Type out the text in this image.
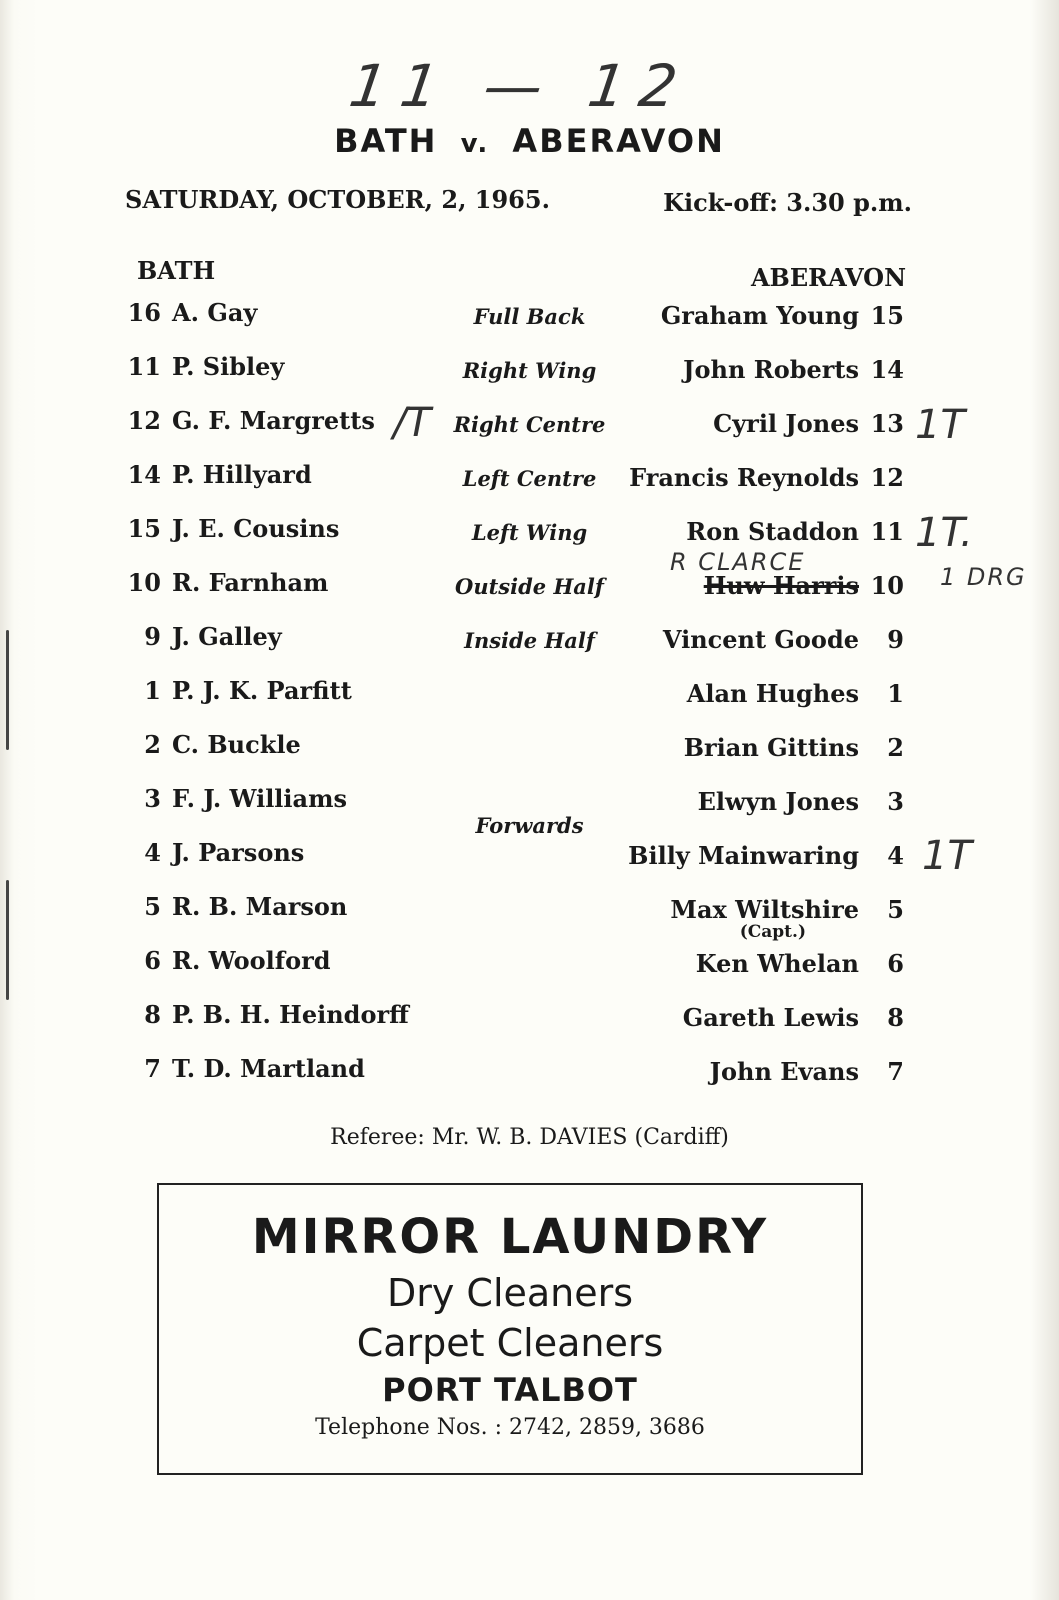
11 — 12
BATH v. ABERAVON
SATURDAY, OCTOBER, 2, 1965.	Kick-off: 3.30 p.m.
BATH	ABERAVON
16 A. Gay	Full Back	Graham Young 15
11 P. Sibley	Right Wing	John Roberts 14
12 G. F. Margretts	Right Centre	Cyril Jones 13
14 P. Hillyard	Left Centre	Francis Reynolds 12
15 J. E. Cousins	Left Wing	Ron Staddon 11
10 R. Farnham	Outside Half	Huw Harris 10
9 J. Galley	Inside Half	Vincent Goode 9
1 P. J. K. Parfitt	Alan Hughes 1
2 C. Buckle	Brian Gittins 2
3 F. J. Williams	Elwyn Jones 3
4 J. Parsons	Billy Mainwaring 4
5 R. B. Marson	Max Wiltshire 5
6 R. Woolford	Ken Whelan 6
8 P. B. H. Heindorff	Gareth Lewis 8
7 T. D. Martland	John Evans 7
Forwards
(Capt.)
/T	1T
1T.
R CLARCE
1 DRG
1T
Referee: Mr. W. B. DAVIES (Cardiff)
MIRROR LAUNDRY
Dry Cleaners
Carpet Cleaners
PORT TALBOT
Telephone Nos. : 2742, 2859, 3686
